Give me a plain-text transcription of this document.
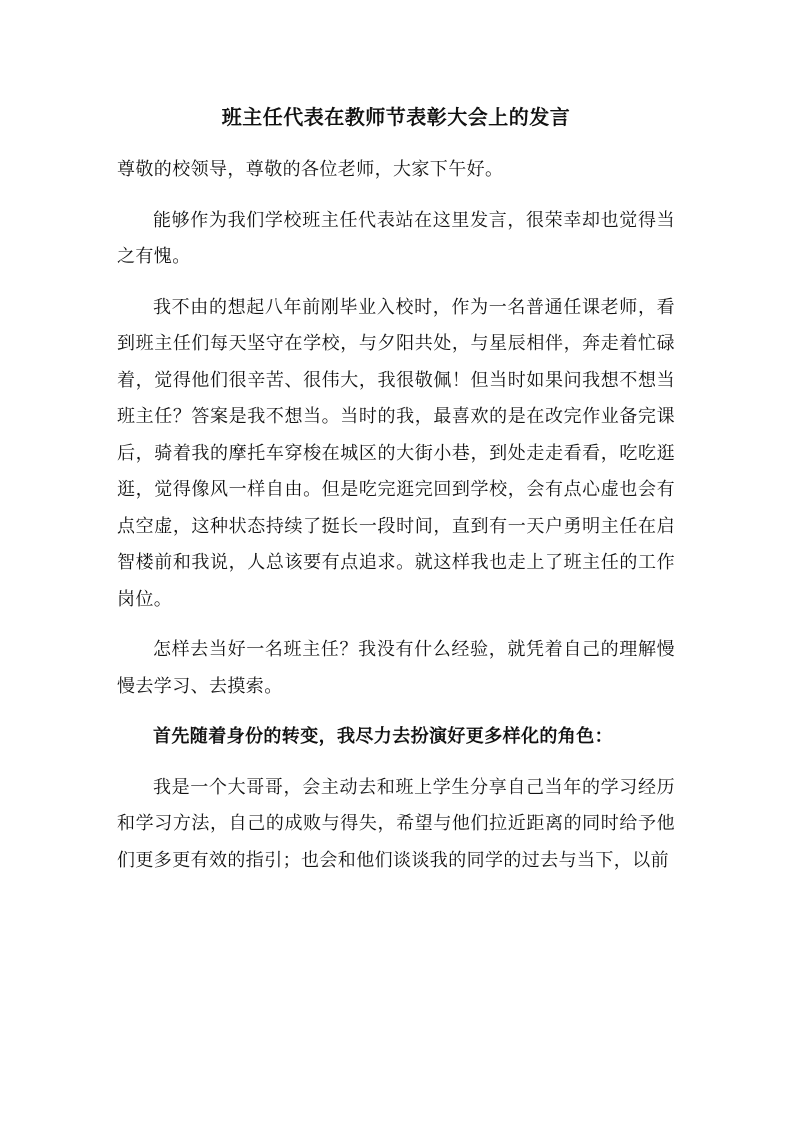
班主任代表在教师节表彰大会上的发言

尊敬的校领导，尊敬的各位老师，大家下午好。

能够作为我们学校班主任代表站在这里发言，很荣幸却也觉得当之有愧。

我不由的想起八年前刚毕业入校时，作为一名普通任课老师，看到班主任们每天坚守在学校，与夕阳共处，与星辰相伴，奔走着忙碌着，觉得他们很辛苦、很伟大，我很敬佩！但当时如果问我想不想当班主任？答案是我不想当。当时的我，最喜欢的是在改完作业备完课后，骑着我的摩托车穿梭在城区的大街小巷，到处走走看看，吃吃逛逛，觉得像风一样自由。但是吃完逛完回到学校，会有点心虚也会有点空虚，这种状态持续了挺长一段时间，直到有一天户勇明主任在启智楼前和我说，人总该要有点追求。就这样我也走上了班主任的工作岗位。

怎样去当好一名班主任？我没有什么经验，就凭着自己的理解慢慢去学习、去摸索。

首先随着身份的转变，我尽力去扮演好更多样化的角色：

我是一个大哥哥，会主动去和班上学生分享自己当年的学习经历和学习方法，自己的成败与得失，希望与他们拉近距离的同时给予他们更多更有效的指引；也会和他们谈谈我的同学的过去与当下，以前
